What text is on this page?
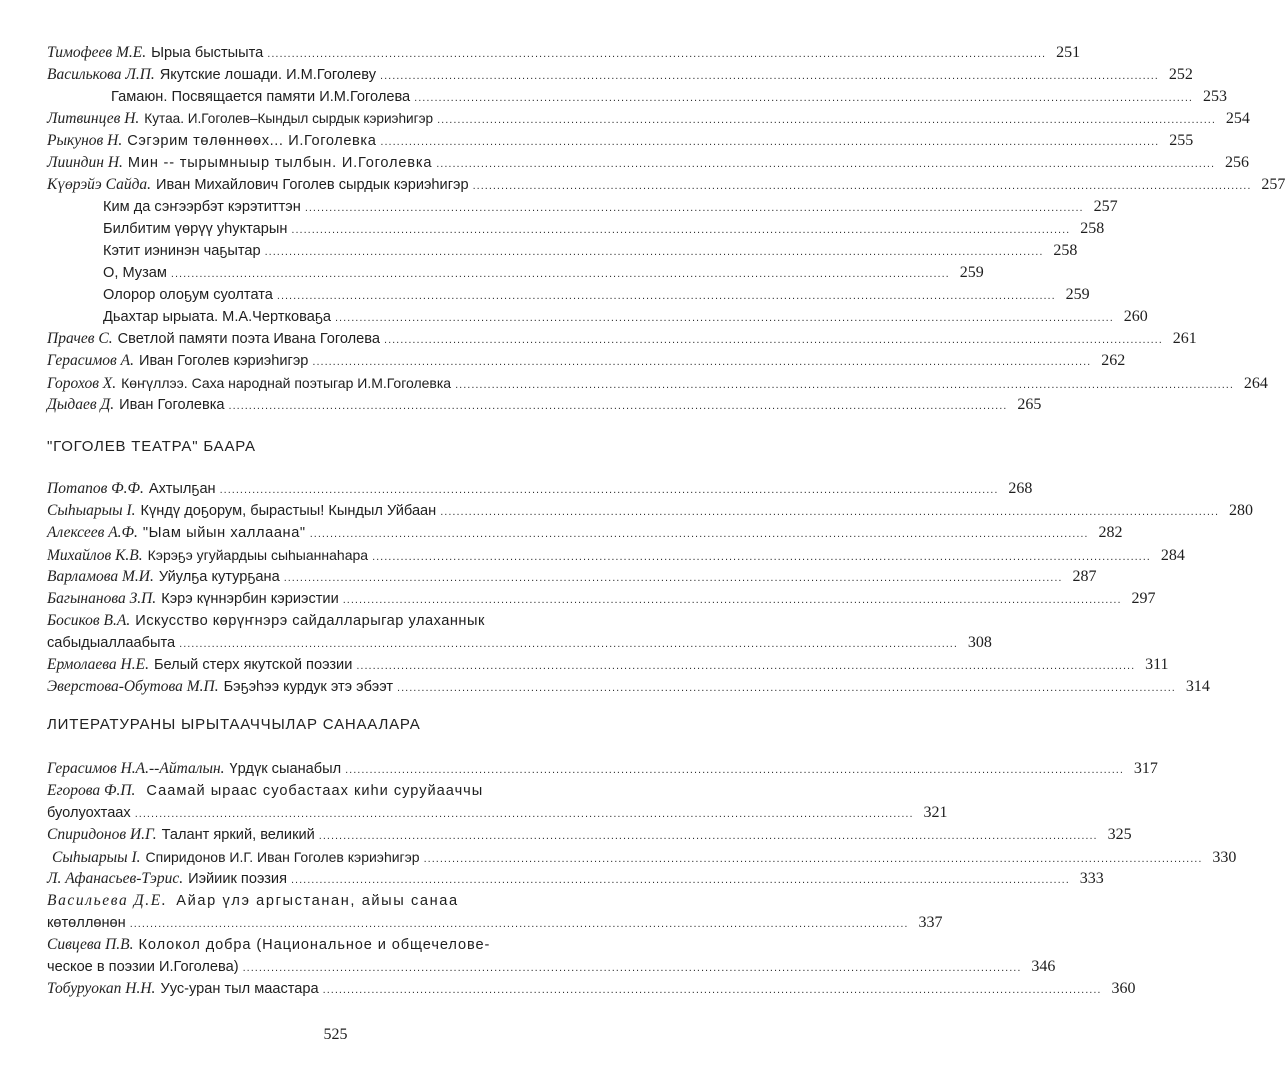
Тимофеев М.Е. Ырыа быстыыта .....	251
Василькова Л.П. Якутские лошади. И.М.Гоголеву .....	252
Гамаюн. Посвящается памяти И.М.Гоголева .....	253
Литвинцев Н. Кутаа. И.Гоголев–Кындыл сырдык кэриэһигэр .....	254
Рыкунов Н. Сэгэрим төлөннөөх... И.Гоголевка .....	255
Лииндин Н. Мин -- тырымныыр тылбын. И.Гоголевка .....	256
Күөрэйэ Сайда. Иван Михайлович Гоголев сырдык кэриэһигэр .....	257
Ким да сэҥээрбэт кэрэтиттэн .....	257
Билбитим үөрүү уһуктарын .....	258
Кэтит иэнинэн чаҕытар .....	258
О, Музам .....	259
Олорор олоҕум суолтата .....	259
Дьахтар ырыата. М.А.Чертковаҕа .....	260
Прачев С. Светлой памяти поэта Ивана Гоголева .....	261
Герасимов А. Иван Гоголев кэриэһигэр .....	262
Горохов Х. Көҥүллээ. Саха народнай поэтыгар И.М.Гоголевка .....	264
Дыдаев Д. Иван Гоголевка .....	265
"ГОГОЛЕВ ТЕАТРА" БААРА
Потапов Ф.Ф. Ахтылҕан .....	268
Сыһыарыы I. Күндү доҕорум, бырастыы! Кындыл Уйбаан .....	280
Алексеев А.Ф. "Ыам ыйын халлаана" .....	282
Михайлов К.В. Кэрэҕэ угуйардыы сыһыаннаһара .....	284
Варламова М.И. Уйулҕа кутурҕана .....	287
Багынанова З.П. Кэрэ күннэрбин кэриэстии .....	297
Босиков В.А. Искусство көрүҥнэрэ сайдалларыгар улаханнык
сабыдыаллаабыта .....	308
Ермолаева Н.Е. Белый стерх якутской поэзии .....	311
Эверстова-Обутова М.П. Бэҕэһээ курдук этэ эбээт .....	314
ЛИТЕРАТУРАНЫ ЫРЫТААЧЧЫЛАР САНААЛАРА
Герасимов Н.А.--Айталын. Үрдүк сыанабыл .....	317
Егорова Ф.П. Саамай ыраас суобастаах киһи суруйааччы
буолуохтаах .....	321
Спиридонов И.Г. Талант яркий, великий .....	325
Сыһыарыы I. Спиридонов И.Г. Иван Гоголев кэриэһигэр .....	330
Л. Афанасьев-Тэрис. Иэйиик поэзия .....	333
Васильева Д.Е. Айар үлэ аргыстанан, айыы санаа
көтөллөнөн .....	337
Сивцева П.В. Колокол добра (Национальное и общечелове-
ческое в поэзии И.Гоголева) .....	346
Тобуруокап Н.Н. Уус-уран тыл маастара .....	360
525
